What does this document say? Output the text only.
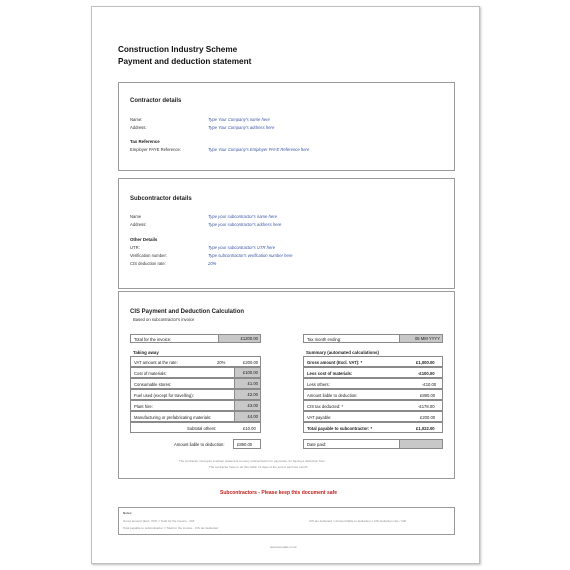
Construction Industry Scheme
Payment and deduction statement
Contractor details
Name:	Type Your Company's name here
Address:	Type Your Company's address here
Tax Reference
Employer PAYE Reference:	Type Your Company's Employer PAYE Reference here
Subcontractor details
Name	Type your subcontractor's name here
Address:	Type your subcontractor's address here
Other Details
UTR:	Type your subcontractor's UTR here
Verification number:	Type subcontractor's verification number here
CIS deduction rate:	20%
CIS Payment and Deduction Calculation
Based on subcontractor's invoice
Total for the invoice:	£1200.00	Tax month ending:	05 MM YYYY
Taking away	Summary (automated calculations)
VAT amount at the rate:	20%	£200.00
Cost of materials:	£100.00
Consumable stores:	£1.00
Fuel used (except for travelling):	£2.00
Plant hire:	£3.00
Manufacturing or prefabricating materials:	£4.00
Subtotal others:	£10.00
Amount liable to deduction:	£890.00
Gross amount (Excl. VAT): *	£1,000.00
Less cost of materials:	-£100.00
Less others:	-£10.00
Amount liable to deduction:	£890.00
CIS tax deducted: *	-£178.00
VAT payable:	£200.00
Total payable to subcontractor: *	£1,022.00
Date paid:
The contractor must give a written statement to every subcontractor for payments, for having a deduction from.
The contractor have to do this within 14 days of the end of each tax month.
Subcontractors - Please keep this document safe
Notes:
Gross amount (Excl. VAT) = Total for the invoice - VAT
Total payable to subcontractor = Total for the invoice - CIS tax deducted
CIS tax deducted = Amount liable to deduction x CIS deduction rate / 100
www.template.co.uk
